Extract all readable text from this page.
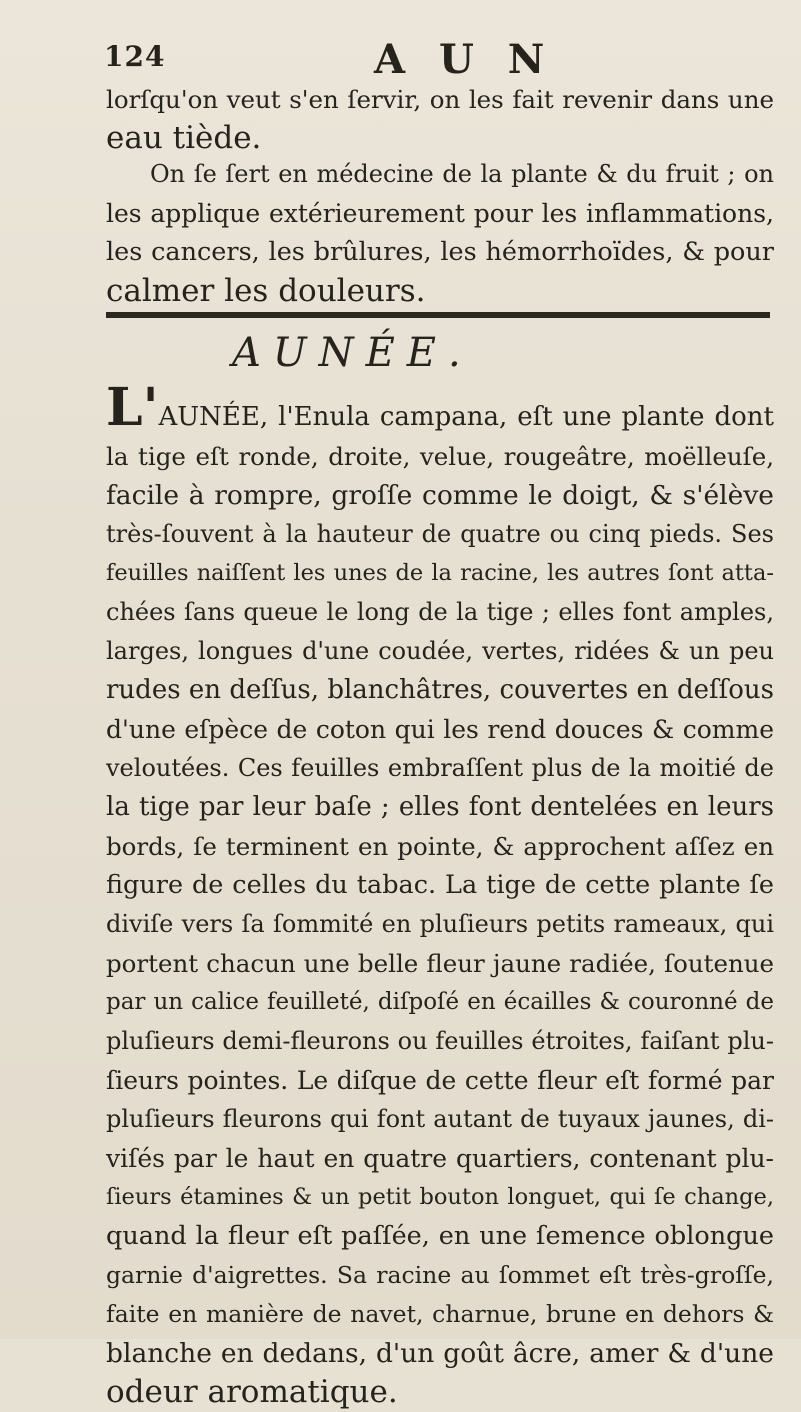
124	A U N
lorſqu'on veut s'en ſervir, on les fait revenir dans une
eau tiède.
On ſe ſert en médecine de la plante & du fruit ; on
les applique extérieurement pour les inflammations,
les cancers, les brûlures, les hémorrhoïdes, & pour
calmer les douleurs.
AUNÉE.
L'AUNÉE, l'Enula campana, eſt une plante dont
la tige eſt ronde, droite, velue, rougeâtre, moëlleuſe,
facile à rompre, groſſe comme le doigt, & s'élève
très-ſouvent à la hauteur de quatre ou cinq pieds. Ses
feuilles naiſſent les unes de la racine, les autres ſont atta-
chées ſans queue le long de la tige ; elles font amples,
larges, longues d'une coudée, vertes, ridées & un peu
rudes en deſſus, blanchâtres, couvertes en deſſous
d'une eſpèce de coton qui les rend douces & comme
veloutées. Ces feuilles embraſſent plus de la moitié de
la tige par leur baſe ; elles font dentelées en leurs
bords, ſe terminent en pointe, & approchent aſſez en
figure de celles du tabac. La tige de cette plante ſe
diviſe vers ſa ſommité en pluſieurs petits rameaux, qui
portent chacun une belle fleur jaune radiée, ſoutenue
par un calice feuilleté, diſpoſé en écailles & couronné de
pluſieurs demi-fleurons ou feuilles étroites, faiſant plu-
ſieurs pointes. Le diſque de cette fleur eſt formé par
pluſieurs fleurons qui font autant de tuyaux jaunes, di-
viſés par le haut en quatre quartiers, contenant plu-
ſieurs étamines & un petit bouton longuet, qui ſe change,
quand la fleur eſt paſſée, en une ſemence oblongue
garnie d'aigrettes. Sa racine au ſommet eſt très-groſſe,
faite en manière de navet, charnue, brune en dehors &
blanche en dedans, d'un goût âcre, amer & d'une
odeur aromatique.
